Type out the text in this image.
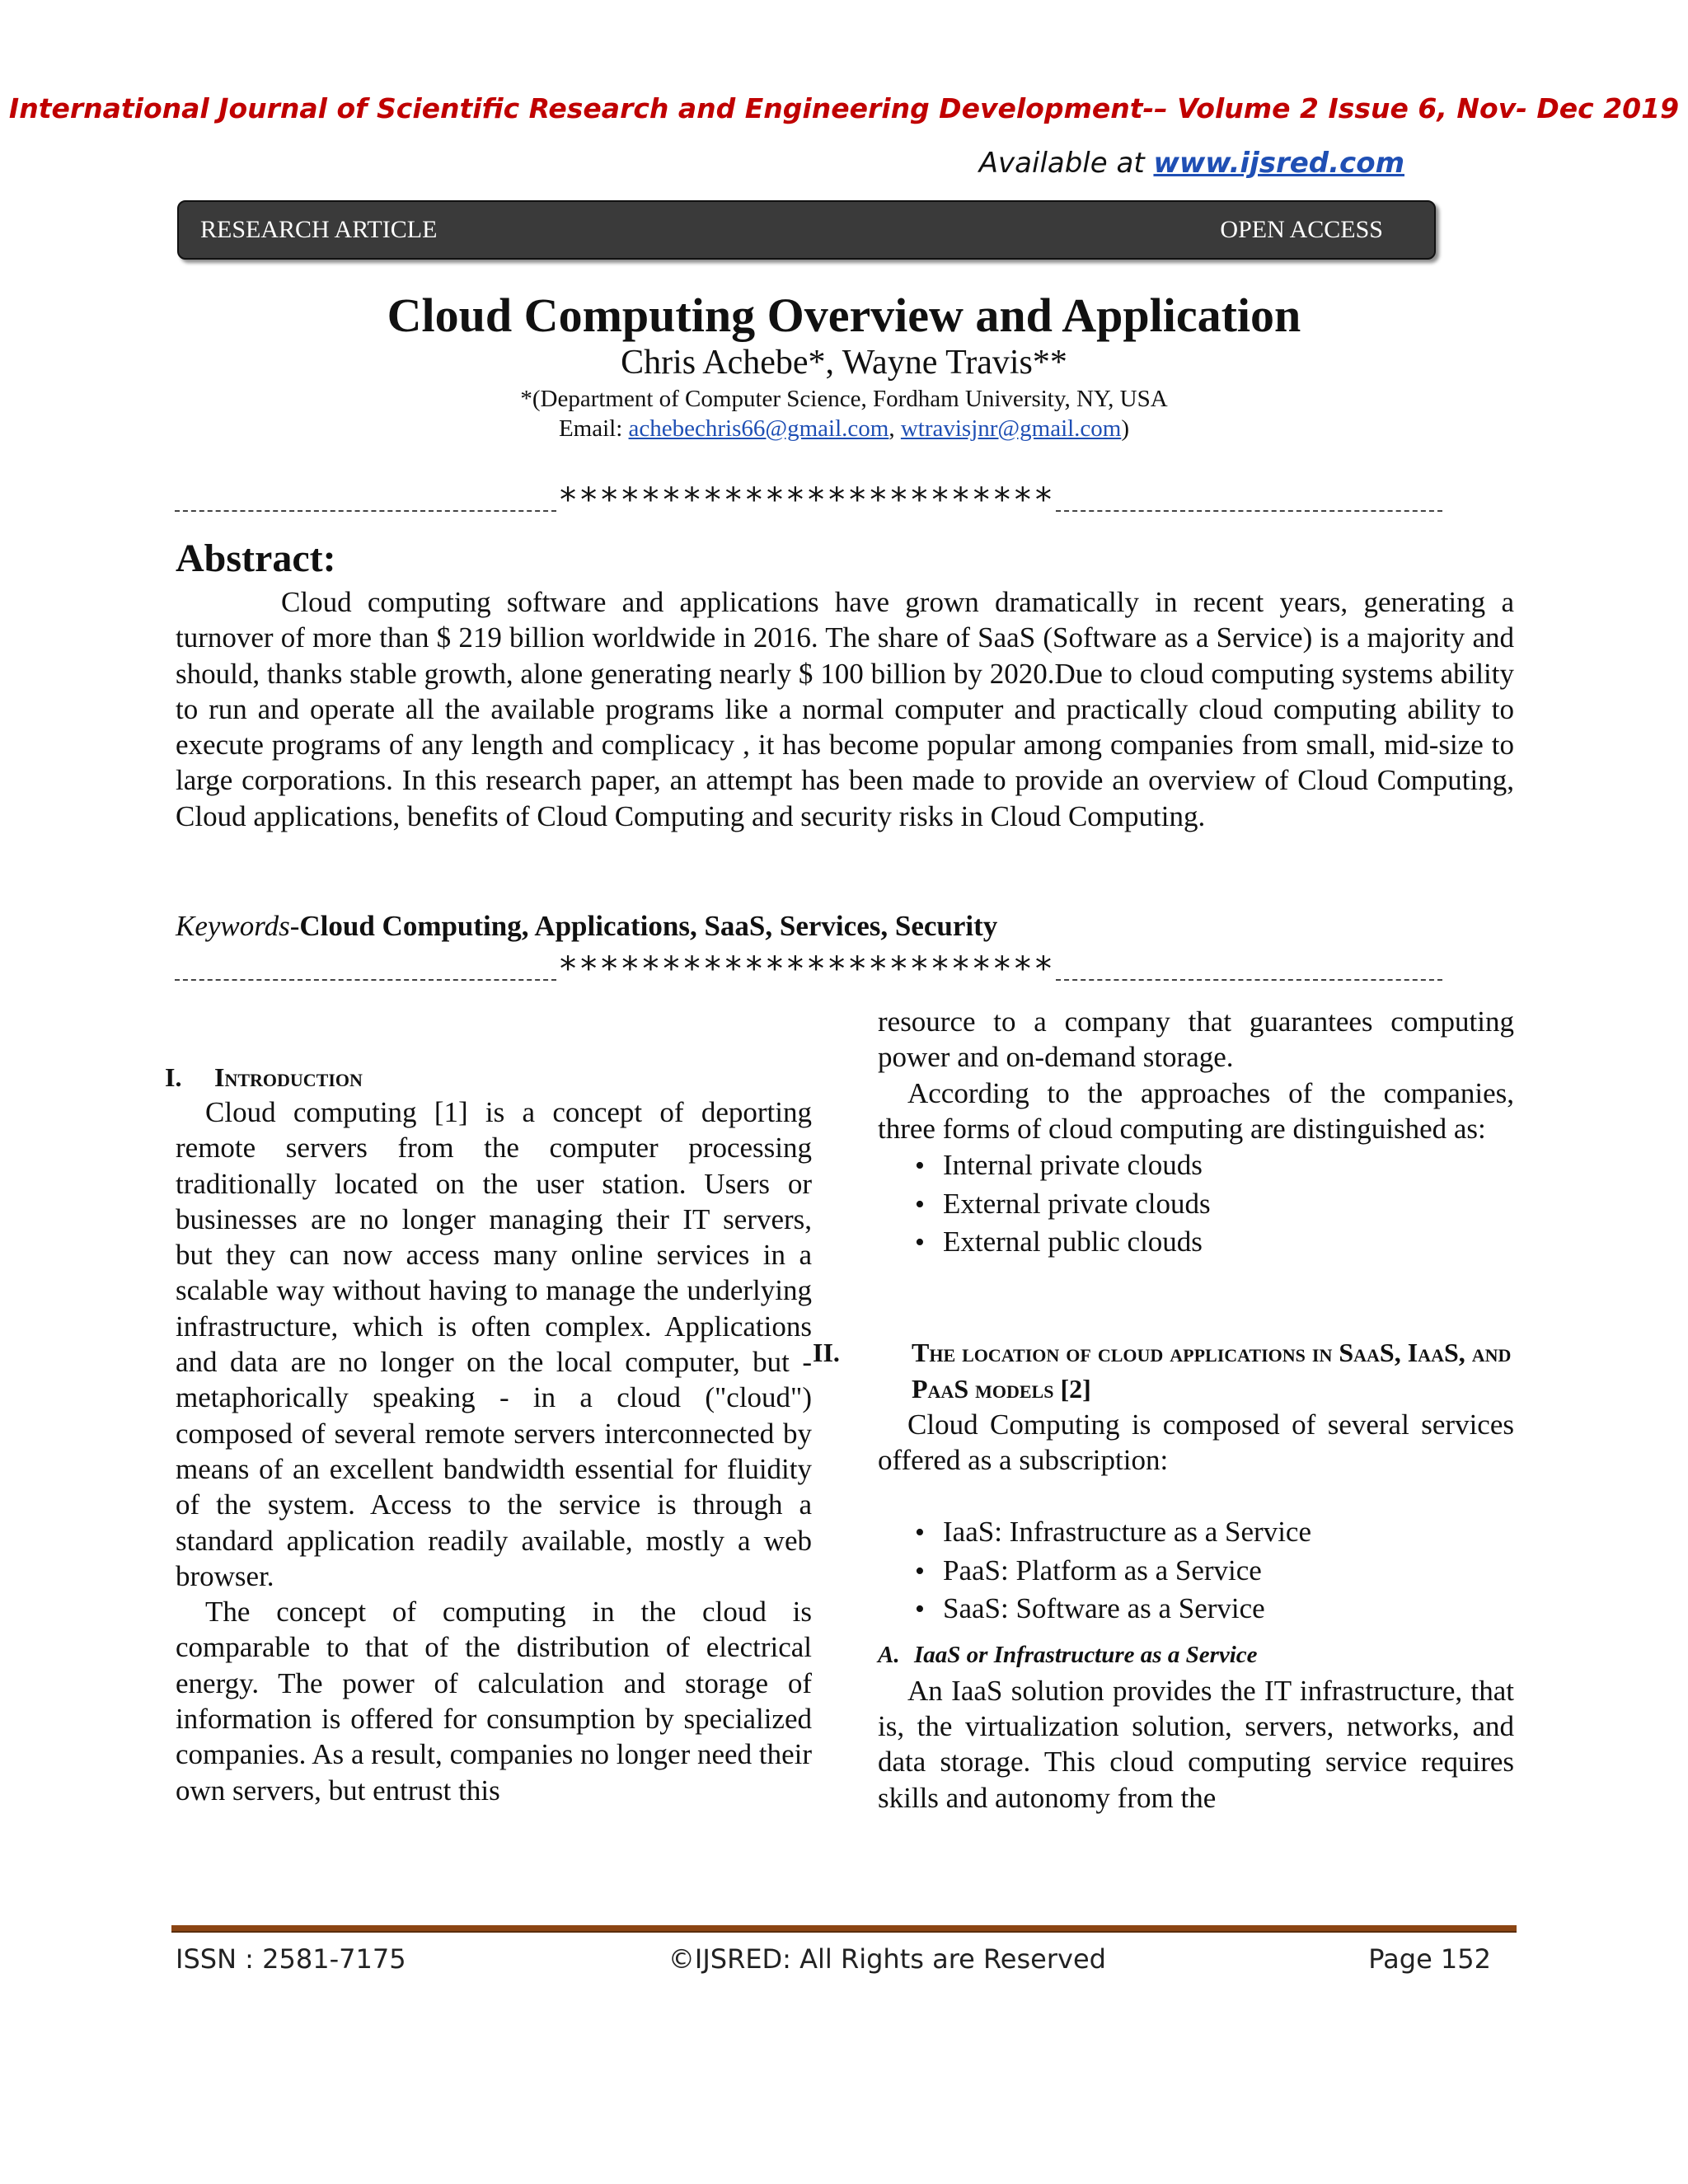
International Journal of Scientific Research and Engineering Development-– Volume 2 Issue 6, Nov- Dec 2019
Available at www.ijsred.com
RESEARCH ARTICLE	OPEN ACCESS
Cloud Computing Overview and Application
Chris Achebe*, Wayne Travis**
*(Department of Computer Science, Fordham University, NY, USA
Email: achebechris66@gmail.com, wtravisjnr@gmail.com)
************************
Abstract:
Cloud computing software and applications have grown dramatically in recent years, generating a turnover of more than $ 219 billion worldwide in 2016. The share of SaaS (Software as a Service) is a majority and should, thanks stable growth, alone generating nearly $ 100 billion by 2020.Due to cloud computing systems ability to run and operate all the available programs like a normal computer and practically cloud computing ability to execute programs of any length and complicacy , it has become popular among companies from small, mid-size to large corporations. In this research paper, an attempt has been made to provide an overview of Cloud Computing, Cloud applications, benefits of Cloud Computing and security risks in Cloud Computing.
Keywords-Cloud Computing, Applications, SaaS, Services, Security
************************
I. Introduction

Cloud computing [1] is a concept of deporting remote servers from the computer processing traditionally located on the user station. Users or businesses are no longer managing their IT servers, but they can now access many online services in a scalable way without having to manage the underlying infrastructure, which is often complex. Applications and data are no longer on the local computer, but - metaphorically speaking - in a cloud ("cloud") composed of several remote servers interconnected by means of an excellent bandwidth essential for fluidity of the system. Access to the service is through a standard application readily available, mostly a web browser.

The concept of computing in the cloud is comparable to that of the distribution of electrical energy. The power of calculation and storage of information is offered for consumption by specialized companies. As a result, companies no longer need their own servers, but entrust this

resource to a company that guarantees computing power and on-demand storage.

According to the approaches of the companies, three forms of cloud computing are distinguished as:

• Internal private clouds
• External private clouds
• External public clouds
II.	The location of cloud applications in SaaS, IaaS, and PaaS models [2]

Cloud Computing is composed of several services offered as a subscription:

• IaaS: Infrastructure as a Service
• PaaS: Platform as a Service
• SaaS: Software as a Service
A. IaaS or Infrastructure as a Service

An IaaS solution provides the IT infrastructure, that is, the virtualization solution, servers, networks, and data storage. This cloud computing service requires skills and autonomy from the

ISSN : 2581-7175	©IJSRED: All Rights are Reserved	Page 152
